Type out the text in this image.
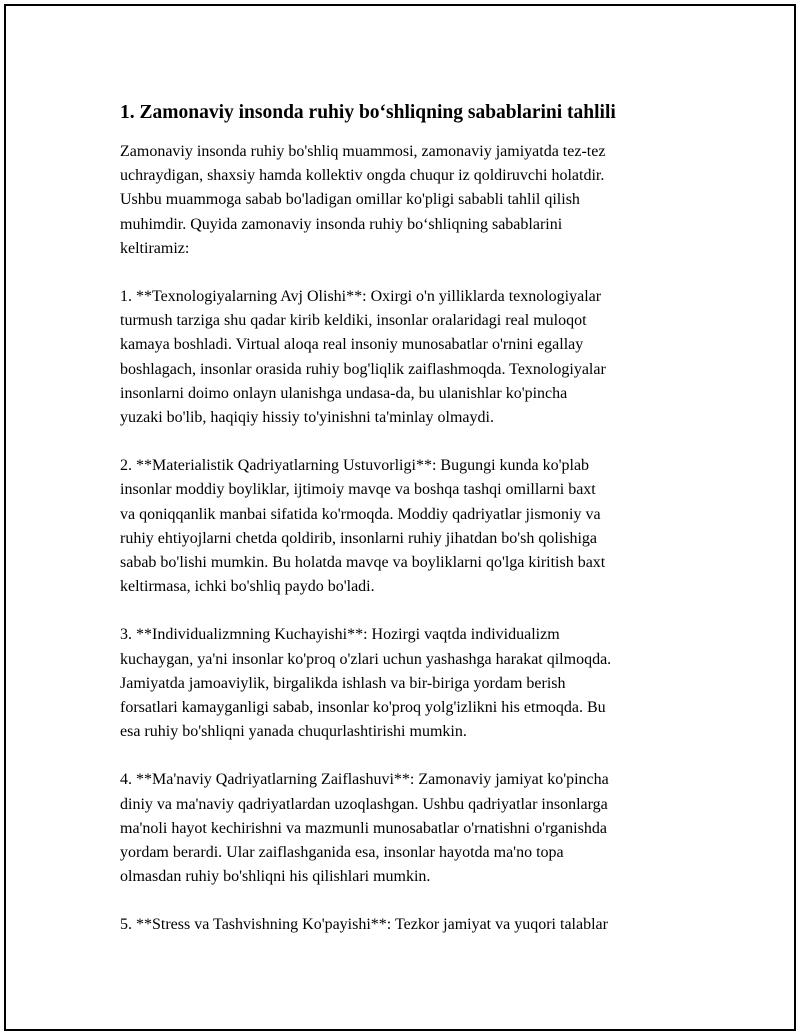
1. Zamonaviy insonda ruhiy bo‘shliqning sabablarini tahlili

Zamonaviy insonda ruhiy bo'shliq muammosi, zamonaviy jamiyatda tez-tez
uchraydigan, shaxsiy hamda kollektiv ongda chuqur iz qoldiruvchi holatdir.
Ushbu muammoga sabab bo'ladigan omillar ko'pligi sababli tahlil qilish
muhimdir. Quyida zamonaviy insonda ruhiy bo‘shliqning sabablarini
keltiramiz:

1. **Texnologiyalarning Avj Olishi**: Oxirgi o'n yilliklarda texnologiyalar
turmush tarziga shu qadar kirib keldiki, insonlar oralaridagi real muloqot
kamaya boshladi. Virtual aloqa real insoniy munosabatlar o'rnini egallay
boshlagach, insonlar orasida ruhiy bog'liqlik zaiflashmoqda. Texnologiyalar
insonlarni doimo onlayn ulanishga undasa-da, bu ulanishlar ko'pincha
yuzaki bo'lib, haqiqiy hissiy to'yinishni ta'minlay olmaydi.

2. **Materialistik Qadriyatlarning Ustuvorligi**: Bugungi kunda ko'plab
insonlar moddiy boyliklar, ijtimoiy mavqe va boshqa tashqi omillarni baxt
va qoniqqanlik manbai sifatida ko'rmoqda. Moddiy qadriyatlar jismoniy va
ruhiy ehtiyojlarni chetda qoldirib, insonlarni ruhiy jihatdan bo'sh qolishiga
sabab bo'lishi mumkin. Bu holatda mavqe va boyliklarni qo'lga kiritish baxt
keltirmasa, ichki bo'shliq paydo bo'ladi.

3. **Individualizmning Kuchayishi**: Hozirgi vaqtda individualizm
kuchaygan, ya'ni insonlar ko'proq o'zlari uchun yashashga harakat qilmoqda.
Jamiyatda jamoaviylik, birgalikda ishlash va bir-biriga yordam berish
forsatlari kamayganligi sabab, insonlar ko'proq yolg'izlikni his etmoqda. Bu
esa ruhiy bo'shliqni yanada chuqurlashtirishi mumkin.

4. **Ma'naviy Qadriyatlarning Zaiflashuvi**: Zamonaviy jamiyat ko'pincha
diniy va ma'naviy qadriyatlardan uzoqlashgan. Ushbu qadriyatlar insonlarga
ma'noli hayot kechirishni va mazmunli munosabatlar o'rnatishni o'rganishda
yordam berardi. Ular zaiflashganida esa, insonlar hayotda ma'no topa
olmasdan ruhiy bo'shliqni his qilishlari mumkin.

5. **Stress va Tashvishning Ko'payishi**: Tezkor jamiyat va yuqori talablar
